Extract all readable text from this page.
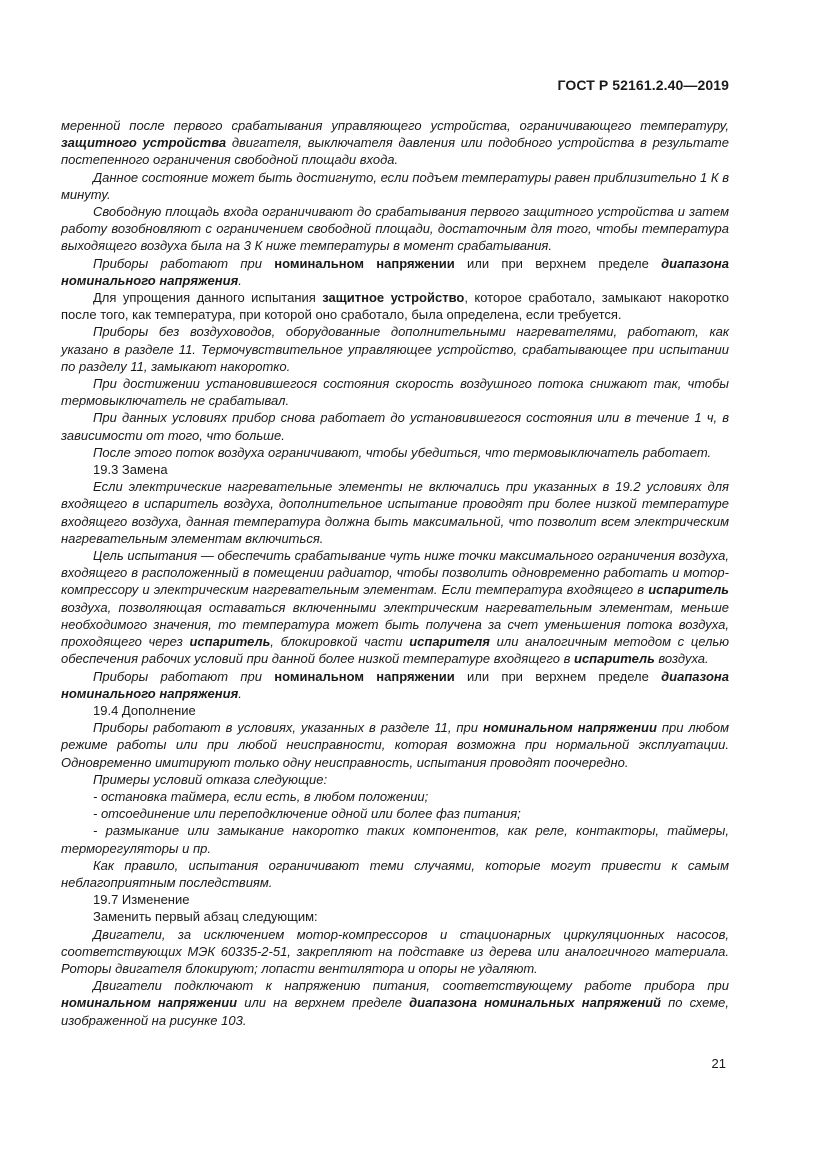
ГОСТ Р 52161.2.40—2019

меренной после первого срабатывания управляющего устройства, ограничивающего температуру, защитного устройства двигателя, выключателя давления или подобного устройства в результате постепенного ограничения свободной площади входа.

Данное состояние может быть достигнуто, если подъем температуры равен приблизительно 1 К в минуту.

Свободную площадь входа ограничивают до срабатывания первого защитного устройства и затем работу возобновляют с ограничением свободной площади, достаточным для того, чтобы температура выходящего воздуха была на 3 К ниже температуры в момент срабатывания.

Приборы работают при номинальном напряжении или при верхнем пределе диапазона номинального напряжения.

Для упрощения данного испытания защитное устройство, которое сработало, замыкают накоротко после того, как температура, при которой оно сработало, была определена, если требуется.

Приборы без воздуховодов, оборудованные дополнительными нагревателями, работают, как указано в разделе 11. Термочувствительное управляющее устройство, срабатывающее при испытании по разделу 11, замыкают накоротко.

При достижении установившегося состояния скорость воздушного потока снижают так, чтобы термовыключатель не срабатывал.

При данных условиях прибор снова работает до установившегося состояния или в течение 1 ч, в зависимости от того, что больше.

После этого поток воздуха ограничивают, чтобы убедиться, что термовыключатель работает.

19.3 Замена

Если электрические нагревательные элементы не включались при указанных в 19.2 условиях для входящего в испаритель воздуха, дополнительное испытание проводят при более низкой температуре входящего воздуха, данная температура должна быть максимальной, что позволит всем электрическим нагревательным элементам включиться.

Цель испытания — обеспечить срабатывание чуть ниже точки максимального ограничения воздуха, входящего в расположенный в помещении радиатор, чтобы позволить одновременно работать и мотор-компрессору и электрическим нагревательным элементам. Если температура входящего в испаритель воздуха, позволяющая оставаться включенными электрическим нагревательным элементам, меньше необходимого значения, то температура может быть получена за счет уменьшения потока воздуха, проходящего через испаритель, блокировкой части испарителя или аналогичным методом с целью обеспечения рабочих условий при данной более низкой температуре входящего в испаритель воздуха.

Приборы работают при номинальном напряжении или при верхнем пределе диапазона номинального напряжения.

19.4 Дополнение

Приборы работают в условиях, указанных в разделе 11, при номинальном напряжении при любом режиме работы или при любой неисправности, которая возможна при нормальной эксплуатации. Одновременно имитируют только одну неисправность, испытания проводят поочередно.

Примеры условий отказа следующие:

- остановка таймера, если есть, в любом положении;

- отсоединение или переподключение одной или более фаз питания;

- размыкание или замыкание накоротко таких компонентов, как реле, контакторы, таймеры, терморегуляторы и пр.

Как правило, испытания ограничивают теми случаями, которые могут привести к самым неблагоприятным последствиям.

19.7 Изменение

Заменить первый абзац следующим:

Двигатели, за исключением мотор-компрессоров и стационарных циркуляционных насосов, соответствующих МЭК 60335-2-51, закрепляют на подставке из дерева или аналогичного материала. Роторы двигателя блокируют; лопасти вентилятора и опоры не удаляют.

Двигатели подключают к напряжению питания, соответствующему работе прибора при номинальном напряжении или на верхнем пределе диапазона номинальных напряжений по схеме, изображенной на рисунке 103.

21
